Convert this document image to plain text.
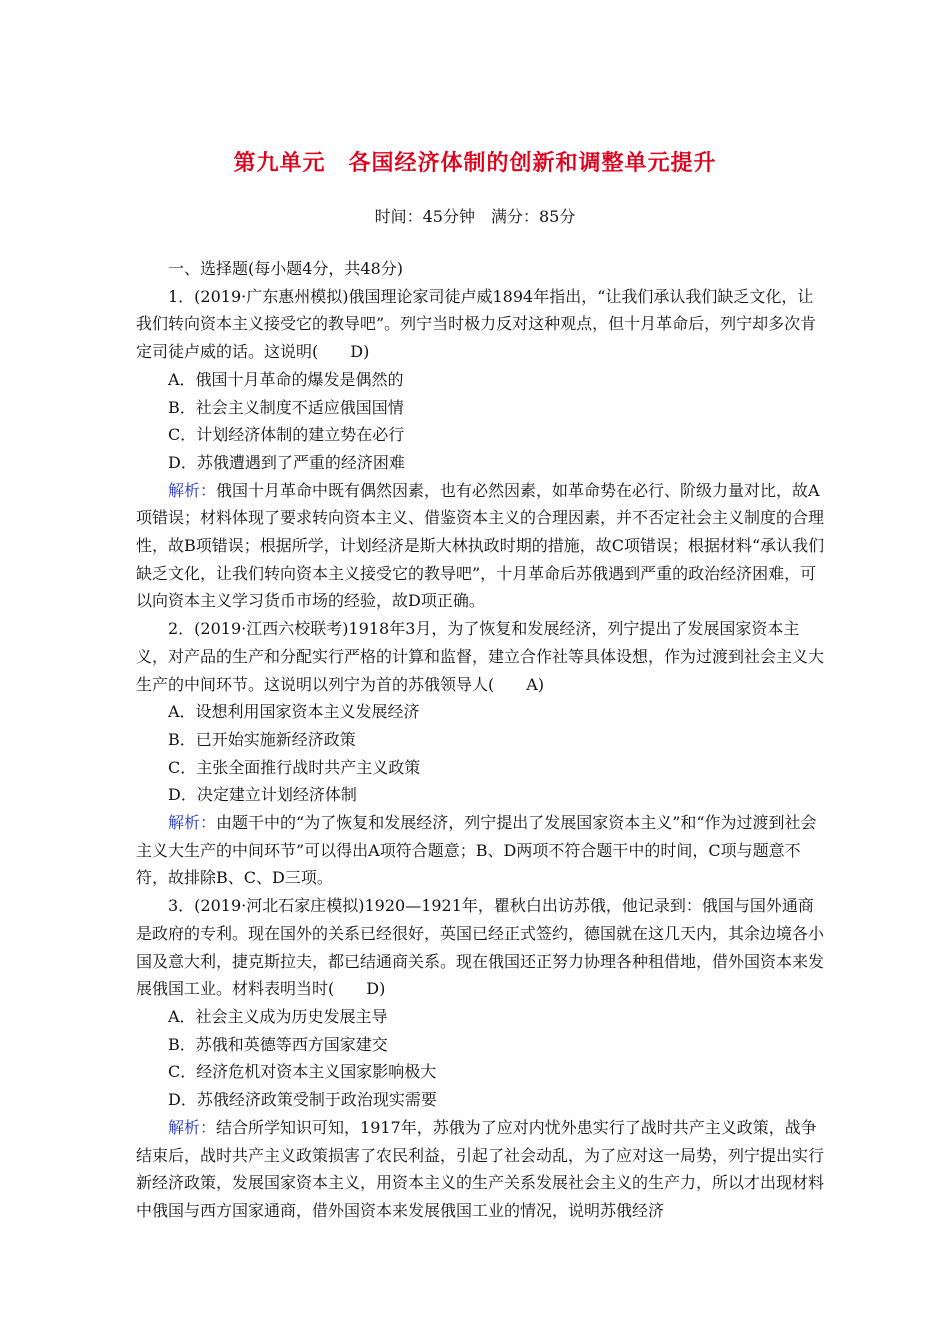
第九单元　各国经济体制的创新和调整单元提升
时间：45分钟　满分：85分

一、选择题(每小题4分，共48分)

1．(2019·广东惠州模拟)俄国理论家司徒卢威1894年指出，“让我们承认我们缺乏文化，让我们转向资本主义接受它的教导吧”。列宁当时极力反对这种观点，但十月革命后，列宁却多次肯定司徒卢威的话。这说明( D)

A．俄国十月革命的爆发是偶然的

B．社会主义制度不适应俄国国情

C．计划经济体制的建立势在必行

D．苏俄遭遇到了严重的经济困难

解析：俄国十月革命中既有偶然因素，也有必然因素，如革命势在必行、阶级力量对比，故A项错误；材料体现了要求转向资本主义、借鉴资本主义的合理因素，并不否定社会主义制度的合理性，故B项错误；根据所学，计划经济是斯大林执政时期的措施，故C项错误；根据材料“承认我们缺乏文化，让我们转向资本主义接受它的教导吧”，十月革命后苏俄遇到严重的政治经济困难，可以向资本主义学习货币市场的经验，故D项正确。

2．(2019·江西六校联考)1918年3月，为了恢复和发展经济，列宁提出了发展国家资本主义，对产品的生产和分配实行严格的计算和监督，建立合作社等具体设想，作为过渡到社会主义大生产的中间环节。这说明以列宁为首的苏俄领导人( A)

A．设想利用国家资本主义发展经济

B．已开始实施新经济政策

C．主张全面推行战时共产主义政策

D．决定建立计划经济体制

解析：由题干中的“为了恢复和发展经济，列宁提出了发展国家资本主义”和“作为过渡到社会主义大生产的中间环节”可以得出A项符合题意；B、D两项不符合题干中的时间，C项与题意不符，故排除B、C、D三项。

3．(2019·河北石家庄模拟)1920—1921年，瞿秋白出访苏俄，他记录到：俄国与国外通商是政府的专利。现在国外的关系已经很好，英国已经正式签约，德国就在这几天内，其余边境各小国及意大利，捷克斯拉夫，都已结通商关系。现在俄国还正努力协理各种租借地，借外国资本来发展俄国工业。材料表明当时( D)

A．社会主义成为历史发展主导

B．苏俄和英德等西方国家建交

C．经济危机对资本主义国家影响极大

D．苏俄经济政策受制于政治现实需要

解析：结合所学知识可知，1917年，苏俄为了应对内忧外患实行了战时共产主义政策，战争结束后，战时共产主义政策损害了农民利益，引起了社会动乱，为了应对这一局势，列宁提出实行新经济政策，发展国家资本主义，用资本主义的生产关系发展社会主义的生产力，所以才出现材料中俄国与西方国家通商，借外国资本来发展俄国工业的情况，说明苏俄经济
